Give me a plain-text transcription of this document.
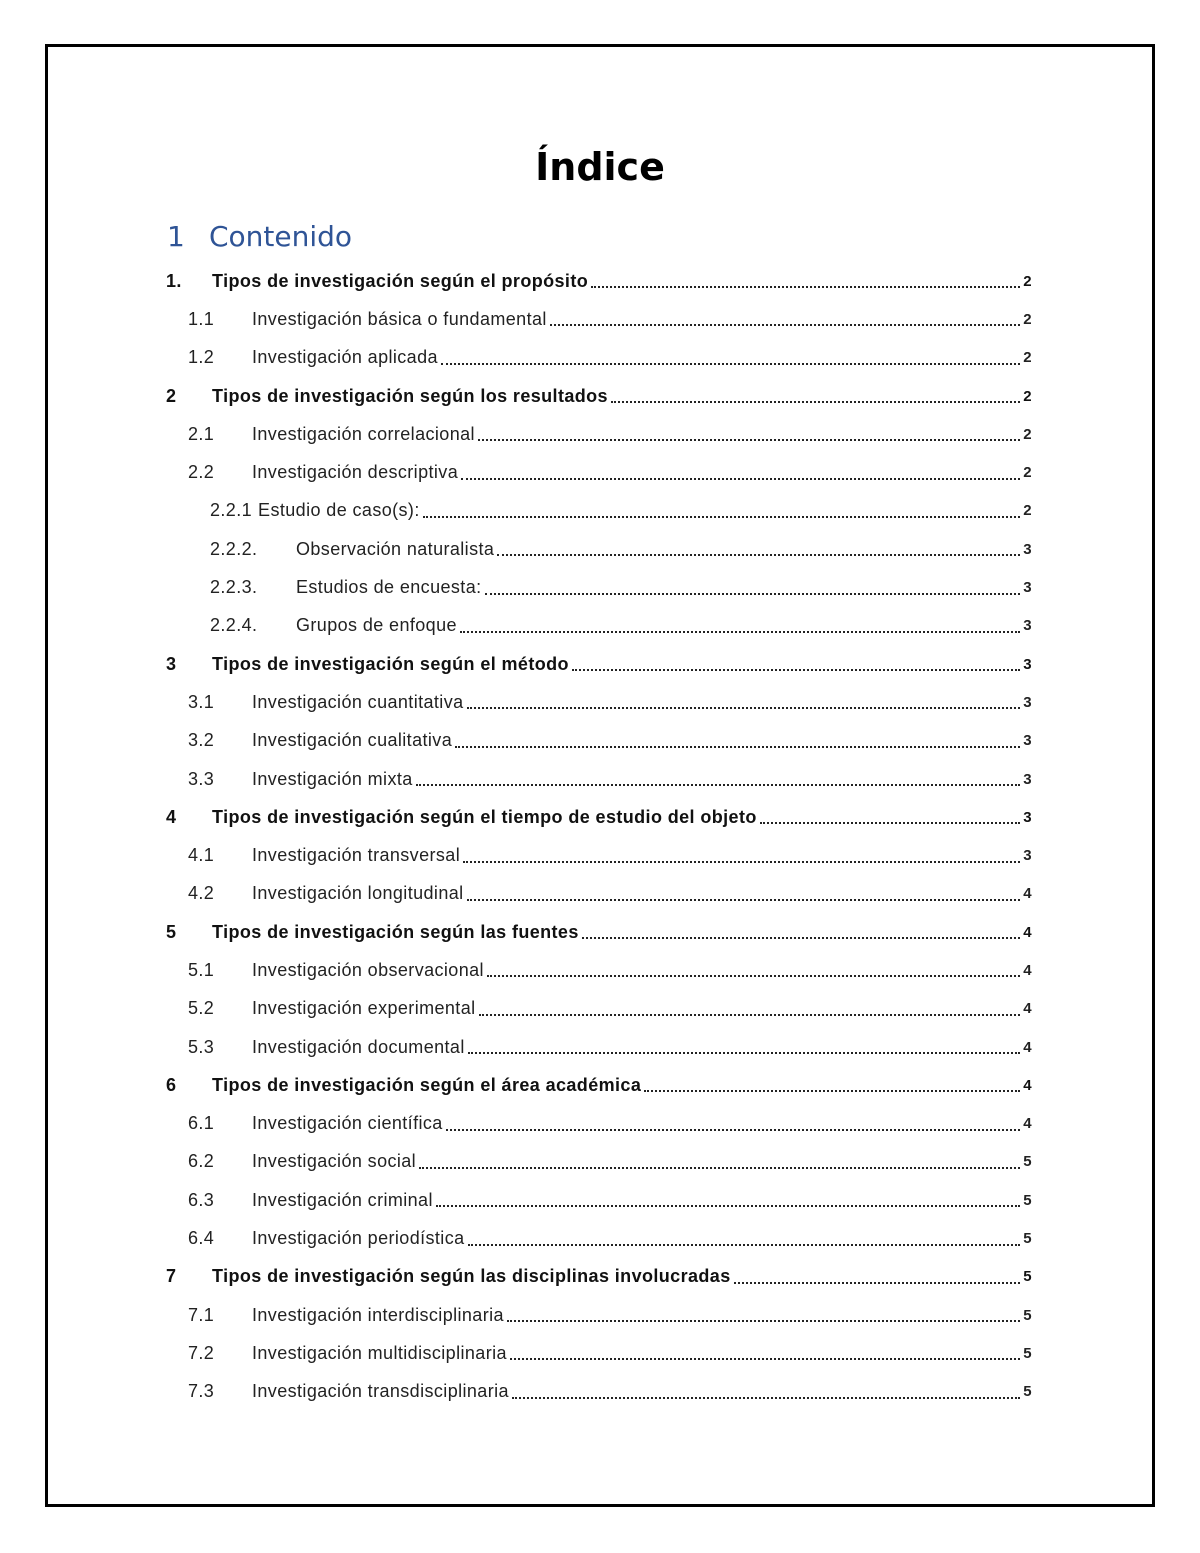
Índice
1 Contenido
1.	Tipos de investigación según el propósito	2
1.1	Investigación básica o fundamental	2
1.2	Investigación aplicada	2
2	Tipos de investigación según los resultados	2
2.1	Investigación correlacional	2
2.2	Investigación descriptiva	2
2.2.1 Estudio de caso(s):	2
2.2.2.	Observación naturalista	3
2.2.3.	Estudios de encuesta:	3
2.2.4.	Grupos de enfoque	3
3	Tipos de investigación según el método	3
3.1	Investigación cuantitativa	3
3.2	Investigación cualitativa	3
3.3	Investigación mixta	3
4	Tipos de investigación según el tiempo de estudio del objeto	3
4.1	Investigación transversal	3
4.2	Investigación longitudinal	4
5	Tipos de investigación según las fuentes	4
5.1	Investigación observacional	4
5.2	Investigación experimental	4
5.3	Investigación documental	4
6	Tipos de investigación según el área académica	4
6.1	Investigación científica	4
6.2	Investigación social	5
6.3	Investigación criminal	5
6.4	Investigación periodística	5
7	Tipos de investigación según las disciplinas involucradas	5
7.1	Investigación interdisciplinaria	5
7.2	Investigación multidisciplinaria	5
7.3	Investigación transdisciplinaria	5
